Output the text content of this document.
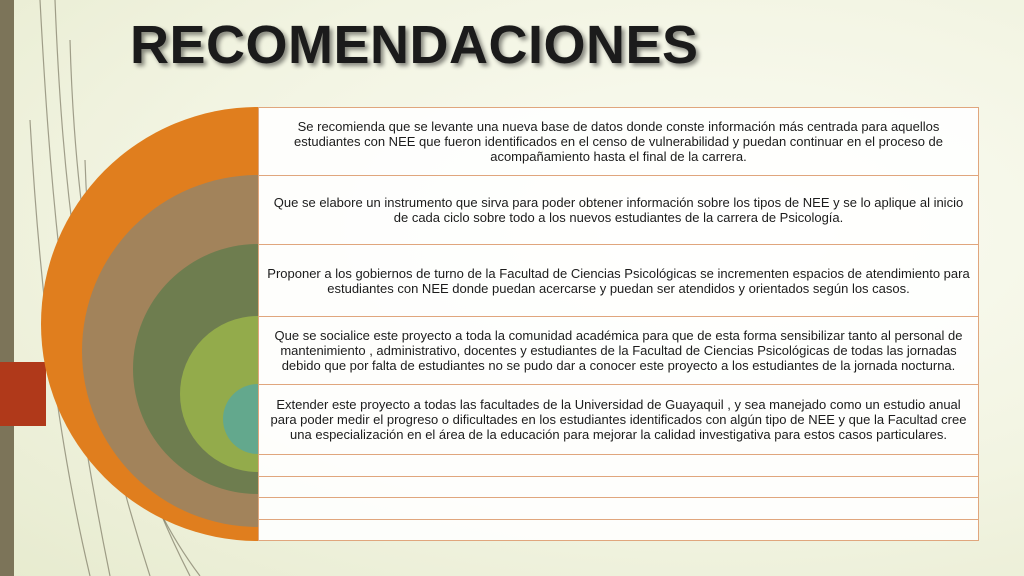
RECOMENDACIONES
Se recomienda que se levante una nueva base de datos donde conste información más centrada para aquellos estudiantes con NEE que fueron identificados en el censo de vulnerabilidad y puedan continuar en el proceso de acompañamiento hasta el final de la carrera.
Que se elabore un instrumento que sirva para poder obtener información sobre los tipos de NEE y se lo aplique al inicio de cada ciclo sobre todo a los nuevos estudiantes de la carrera de Psicología.
Proponer a los gobiernos de turno de la Facultad de Ciencias Psicológicas se incrementen espacios de atendimiento para estudiantes con NEE donde puedan acercarse y puedan ser atendidos y orientados según los casos.
Que se socialice este proyecto a toda la comunidad académica para que de esta forma sensibilizar tanto al personal de mantenimiento , administrativo, docentes y estudiantes de la Facultad de Ciencias Psicológicas de todas las jornadas debido que por falta de estudiantes no se pudo dar a conocer este proyecto a los estudiantes de la jornada nocturna.
Extender este proyecto a todas las facultades de la Universidad de Guayaquil , y sea manejado como un estudio anual para poder medir el progreso o dificultades en los estudiantes identificados con algún tipo de NEE y que la Facultad cree una especialización en el área de la educación para mejorar la calidad investigativa para estos casos particulares.
